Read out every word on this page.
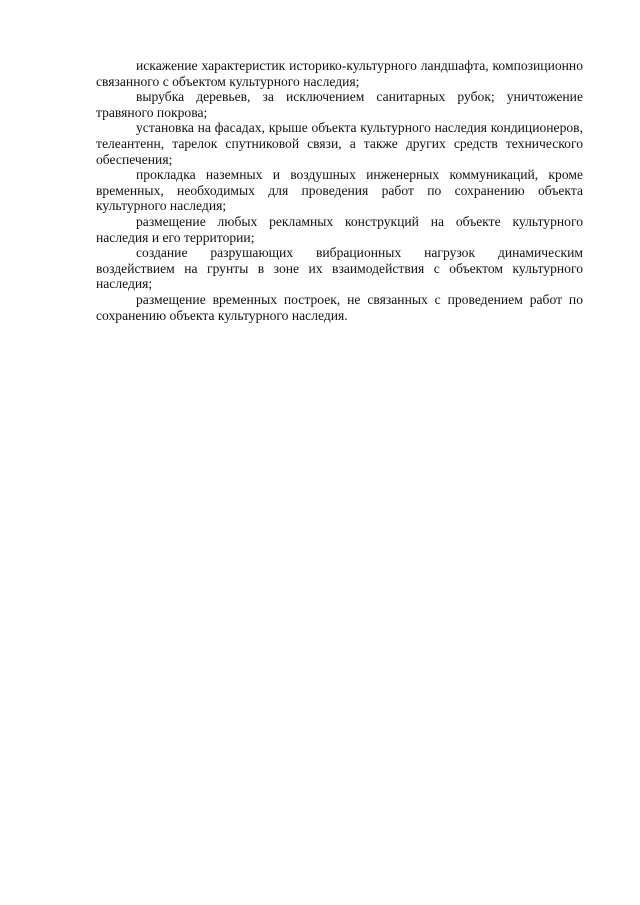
искажение характеристик историко-культурного ландшафта, композиционно связанного с объектом культурного наследия;

вырубка деревьев, за исключением санитарных рубок; уничтожение травяного покрова;

установка на фасадах, крыше объекта культурного наследия кондиционеров, телеантенн, тарелок спутниковой связи, а также других средств технического обеспечения;

прокладка наземных и воздушных инженерных коммуникаций, кроме временных, необходимых для проведения работ по сохранению объекта культурного наследия;

размещение любых рекламных конструкций на объекте культурного наследия и его территории;

создание разрушающих вибрационных нагрузок динамическим воздействием на грунты в зоне их взаимодействия с объектом культурного наследия;

размещение временных построек, не связанных с проведением работ по сохранению объекта культурного наследия.
